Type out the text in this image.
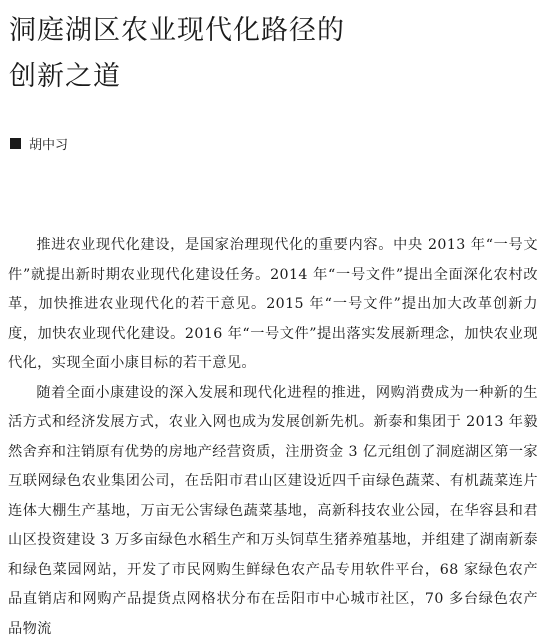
洞庭湖区农业现代化路径的
创新之道
胡中习

推进农业现代化建设，是国家治理现代化的重要内容。中央 2013 年“一号文件”就提出新时期农业现代化建设任务。2014 年“一号文件”提出全面深化农村改革，加快推进农业现代化的若干意见。2015 年“一号文件”提出加大改革创新力度，加快农业现代化建设。2016 年“一号文件”提出落实发展新理念，加快农业现代化，实现全面小康目标的若干意见。

随着全面小康建设的深入发展和现代化进程的推进，网购消费成为一种新的生活方式和经济发展方式，农业入网也成为发展创新先机。新泰和集团于 2013 年毅然舍弃和注销原有优势的房地产经营资质，注册资金 3 亿元组创了洞庭湖区第一家互联网绿色农业集团公司，在岳阳市君山区建设近四千亩绿色蔬菜、有机蔬菜连片连体大棚生产基地，万亩无公害绿色蔬菜基地，高新科技农业公园，在华容县和君山区投资建设 3 万多亩绿色水稻生产和万头饲草生猪养殖基地，并组建了湖南新泰和绿色菜园网站，开发了市民网购生鲜绿色农产品专用软件平台，68 家绿色农产品直销店和网购产品提货点网格状分布在岳阳市中心城市社区，70 多台绿色农产品物流
